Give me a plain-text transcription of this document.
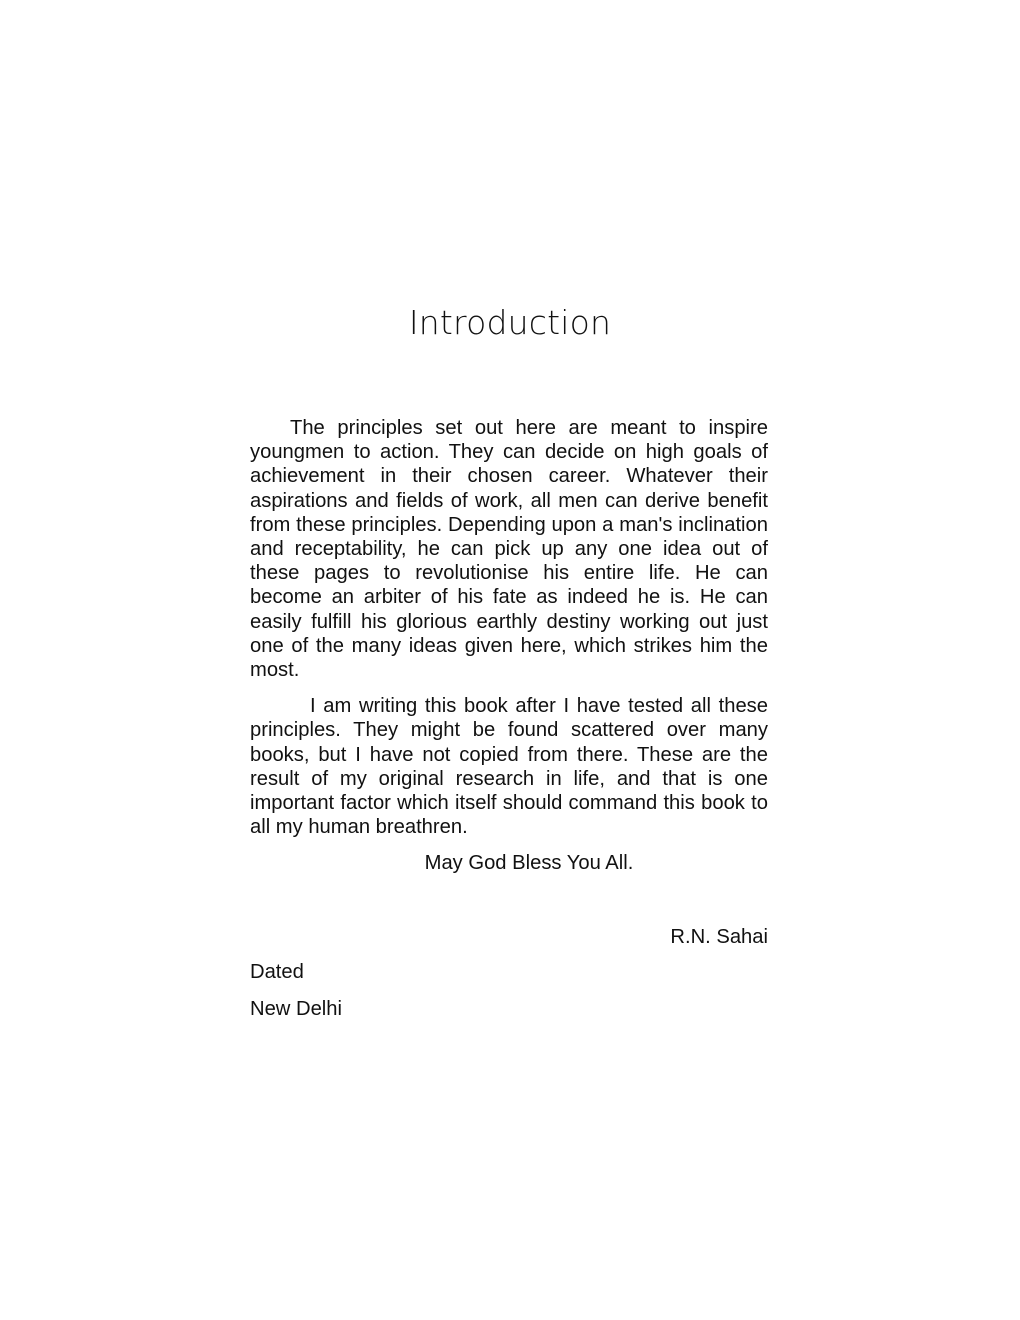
Introduction

The principles set out here are meant to inspire youngmen to action. They can decide on high goals of achievement in their chosen career. Whatever their aspirations and fields of work, all men can derive benefit from these principles. Depending upon a man's inclination and receptability, he can pick up any one idea out of these pages to revolutionise his entire life. He can become an arbiter of his fate as indeed he is. He can easily fulfill his glorious earthly destiny working out just one of the many ideas given here, which strikes him the most.

I am writing this book after I have tested all these principles. They might be found scattered over many books, but I have not copied from there. These are the result of my original research in life, and that is one important factor which itself should command this book to all my human breathren.

May God Bless You All.

R.N. Sahai

Dated

New Delhi
